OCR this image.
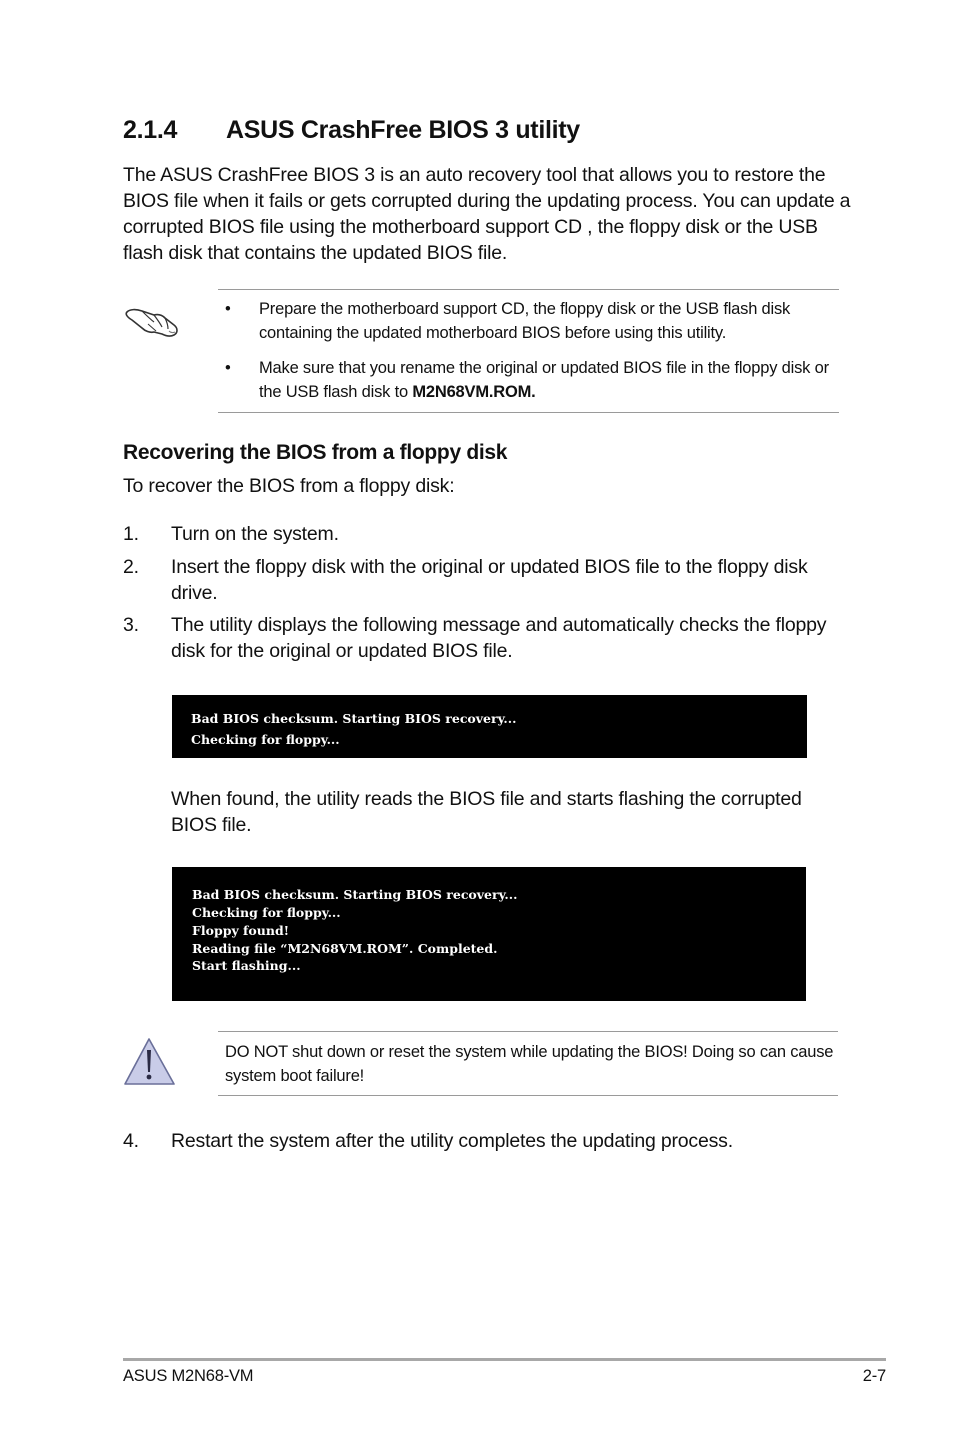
2.1.4 ASUS CrashFree BIOS 3 utility
The ASUS CrashFree BIOS 3 is an auto recovery tool that allows you to restore the BIOS file when it fails or gets corrupted during the updating process. You can update a corrupted BIOS file using the motherboard support CD , the floppy disk or the USB flash disk that contains the updated BIOS file.
• Prepare the motherboard support CD, the floppy disk or the USB flash disk containing the updated motherboard BIOS before using this utility.
• Make sure that you rename the original or updated BIOS file in the floppy disk or the USB flash disk to M2N68VM.ROM.
Recovering the BIOS from a floppy disk
To recover the BIOS from a floppy disk:
1. Turn on the system.
2. Insert the floppy disk with the original or updated BIOS file to the floppy disk drive.
3. The utility displays the following message and automatically checks the floppy disk for the original or updated BIOS file.
Bad BIOS checksum. Starting BIOS recovery...
Checking for floppy...
When found, the utility reads the BIOS file and starts flashing the corrupted BIOS file.
Bad BIOS checksum. Starting BIOS recovery...
Checking for floppy...
Floppy found!
Reading file “M2N68VM.ROM”. Completed.
Start flashing...
DO NOT shut down or reset the system while updating the BIOS! Doing so can cause system boot failure!
4. Restart the system after the utility completes the updating process.
ASUS M2N68-VM	2-7
